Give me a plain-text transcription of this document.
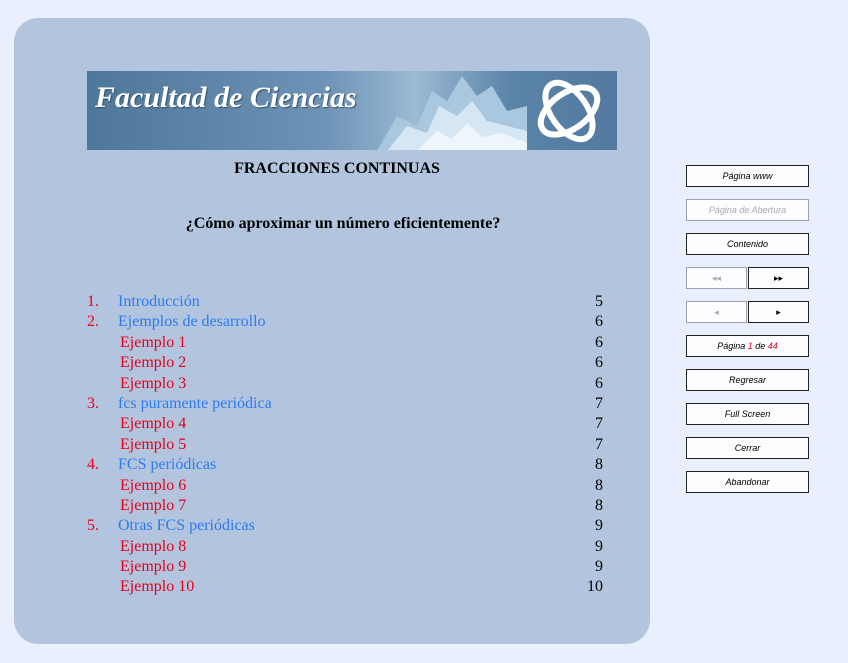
Facultad de Ciencias
FRACCIONES CONTINUAS
¿Cómo aproximar un número eficientemente?
1. Introducción	5
2. Ejemplos de desarrollo	6
Ejemplo 1	6
Ejemplo 2	6
Ejemplo 3	6
3. fcs puramente periódica	7
Ejemplo 4	7
Ejemplo 5	7
4. FCS periódicas	8
Ejemplo 6	8
Ejemplo 7	8
5. Otras FCS periódicas	9
Ejemplo 8	9
Ejemplo 9	9
Ejemplo 10	10
Página www
Página de Abertura
Contenido
◂◂	▸▸
◂	▸
Página
1
de
44
Regresar
Full Screen
Cerrar
Abandonar
